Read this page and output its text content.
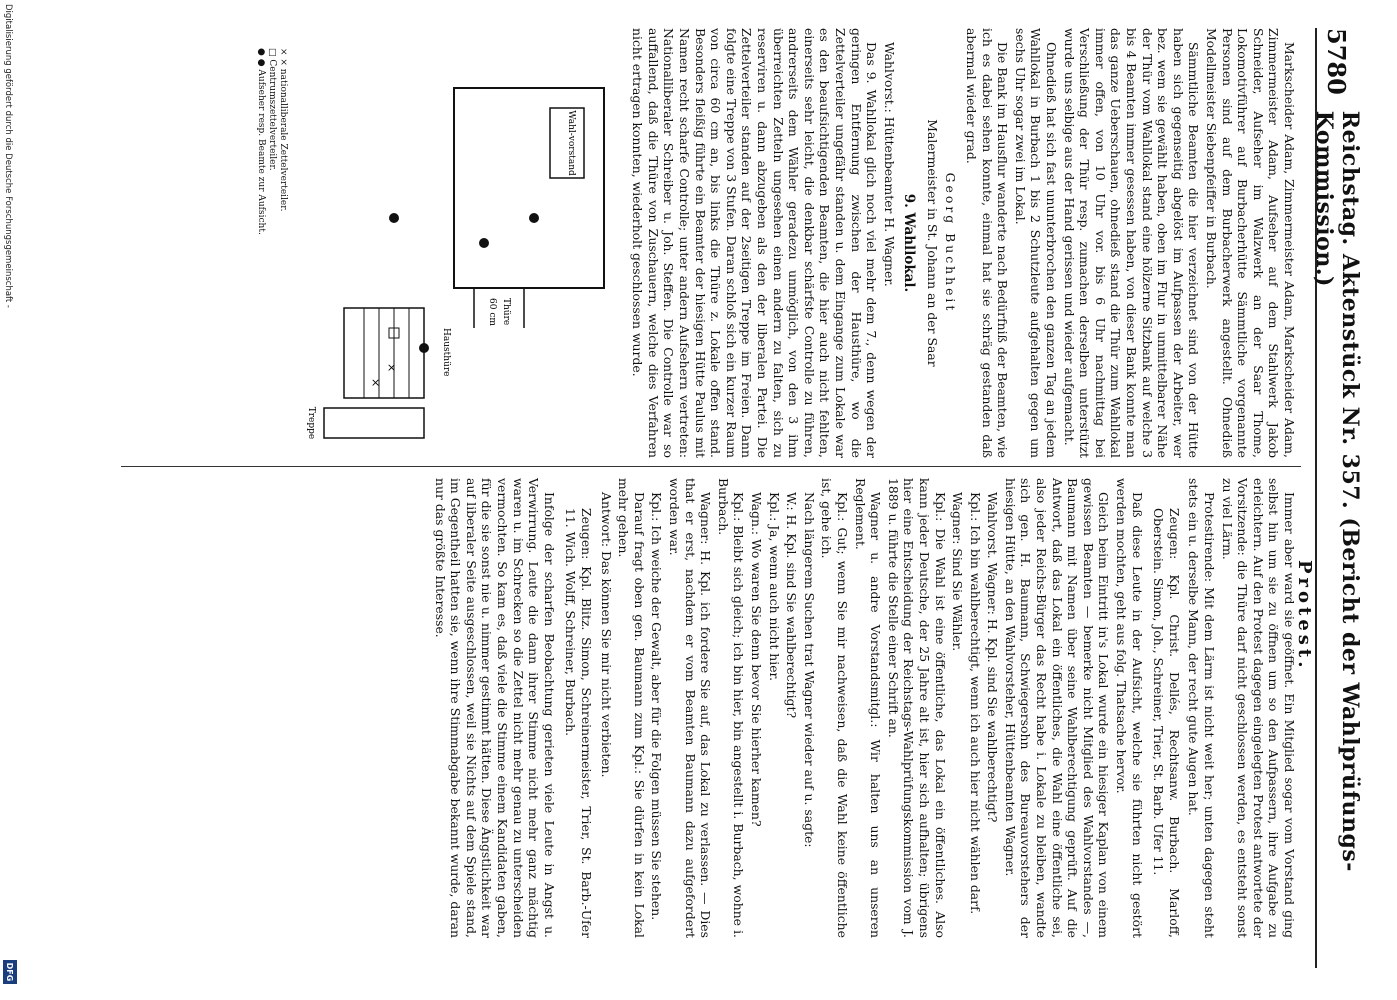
5780
Reichstag. Aktenstück Nr. 357. (Bericht der Wahlprüfungs-Kommission.)
Protest.

Markscheider Adam, Zimmermeister Adam, Markscheider Adam, Zimmermeister Adam, Aufseher auf dem Stahlwerk Jakob Schneider, Aufseher im Walzwerk an der Saar Thome, Lokomotivführer auf Burbacherhütte Sämmtliche vorgenannte Personen sind auf dem Burbacherwerk angestellt. Ohnedieß Modellmeister Siebenpfeiffer in Burbach.

Sämmtliche Beamten die hier verzeichnet sind von der Hütte haben sich gegenseitig abgelöst im Aufpassen der Arbeiter, wer bez. wem sie gewählt haben, oben im Flur in unmittelbarer Nähe der Thür vom Wahllokal stand eine hölzerne Sitzbank auf welche 3 bis 4 Beamten immer gesessen haben, von dieser Bank konnte man das ganze Ueberschauen, ohnedieß stand die Thür zum Wahllokal immer offen, von 10 Uhr vor. bis 6 Uhr nachmittag bei Verschließung der Thür resp. zumachen derselben unterstützt wurde uns selbige aus der Hand gerissen und wieder aufgemacht.

Ohnedieß hat sich fast ununterbrochen den ganzen Tag an jedem Wahllokal in Burbach 1 bis 2 Schutzleute aufgehalten gegen um sechs Uhr sogar zwei im Lokal.

Die Bank im Hausflur wanderte nach Bedürfniß der Beamten, wie ich es dabei sehen konnte, einmal hat sie schräg gestanden daß abermal wieder grad.

Georg Buchheit

Malermeister in St. Johann an der Saar

9. Wahllokal.

Wahlvorst.: Hüttenbeamter H. Wagner.

Das 9. Wahllokal glich noch viel mehr dem 7., denn wegen der geringen Entfernung zwischen der Hausthüre, wo die Zettelverteiler ungefähr standen u. dem Eingange zum Lokale war es den beaufsichtigenden Beamten, die hier auch nicht fehlten, einerseits sehr leicht, die denkbar schärfste Controlle zu führen, andrerseits dem Wähler geradezu unmöglich, von den 3 ihm überreichten Zetteln ungesehen einen andern zu falten, sich zu reserviren u. dann abzugeben als den der liberalen Partei. Die Zettelverteiler standen auf der 2seitigen Treppe im Freien. Dann folgte eine Treppe von 3 Stufen. Daran schloß sich ein kurzer Raum von circa 60 cm an, bis links die Thüre z. Lokale offen stand. Besonders fleißig führte ein Beamter der hiesigen Hütte Paulus mit Namen recht scharfe Controlle; unter andern Aufsehern vertreten: Nationalliberaler Schreiber u. Joh. Steffen. Die Controlle war so auffallend, daß die Thüre von Zuschauern, welche dies Verfahren nicht ertragen konnten, wiederholt geschlossen wurde.

Wahl-vorstand
Thüre
60 cm
Hausthüre
×
×
Treppe
× × nationalliberale Zettelverteiler.
□ Centrumszettelverteiler.
● ● Aufseher resp. Beamte zur Aufsicht.

Immer aber ward sie geöffnet. Ein Mitglied sogar vom Vorstand ging selbst hin um sie zu öffnen um so den Aufpassern, ihre Aufgabe zu erleichtern. Auf den Protest dagegen eingelegten Protest antwortete der Vorsitzende: die Thüre darf nicht geschlossen werden, es entsteht sonst zu viel Lärm.

Protestirende: Mit dem Lärm ist nicht weit her; unten dagegen steht stets ein u. derselbe Mann, der recht gute Augen hat.

Zeugen: Kpl. Christ. Dellés, Rechtsanw. Burbach. Marloff, Oberstein. Simon, Joh., Schreiner, Trier, St. Barb. Ufer 11.

Daß diese Leute in der Aufsicht, welche sie führten nicht gestört werden mochten, geht aus folg. Thatsache hervor.

Gleich beim Eintritt in's Lokal wurde ein hiesiger Kaplan von einem gewissen Beamten — bemerke nicht Mitglied des Wahlvorstandes —, Baumann mit Namen über seine Wahlberechtigung geprüft. Auf die Antwort, daß das Lokal ein öffentliches, die Wahl eine öffentliche sei, also jeder Reichs-Bürger das Recht habe i. Lokale zu bleiben, wandte sich gen. H. Baumann, Schwiegersohn des Bureauvorstehers der hiesigen Hütte, an den Wahlvorsteher, Hüttenbeamten Wagner.

Wahlvorst. Wagner: H. Kpl. sind Sie wahlberechtigt?

Kpl.: Ich bin wahlberechtigt, wenn ich auch hier nicht wählen darf.

Wagner: Sind Sie Wähler.

Kpl.: Die Wahl ist eine öffentliche, das Lokal ein öffentliches. Also kann jeder Deutsche, der 25 Jahre alt ist, hier sich aufhalten; übrigens hier eine Entscheidung der Reichstags-Wahlprüfungskommission vom J. 1889 u. führte die Stelle einer Schrift an.

Wagner u. andre Vorstandsmitgl.: Wir halten uns an unseren Reglement.

Kpl.: Gut; wenn Sie mir nachweisen, daß die Wahl keine öffentliche ist, gehe ich.

Nach längerem Suchen trat Wagner wieder auf u. sagte:

W.: H. Kpl. sind Sie wahlberechtigt?

Kpl.: Ja, wenn auch nicht hier.

Wagn.: Wo waren Sie denn bevor Sie hierher kamen?

Kpl.: Bleibt sich gleich; ich bin hier, bin angestellt i. Burbach, wohne i. Burbach.

Wagner: H. Kpl. ich fordere Sie auf, das Lokal zu verlassen. — Dies that er erst, nachdem er vom Beamten Baumann dazu aufgefordert worden war.

Kpl.: Ich weiche der Gewalt, aber für die Folgen müssen Sie stehen.

Darauf fragt oben gen. Baumann zum Kpl.: Sie dürfen in kein Lokal mehr gehen.

Antwort: Das können Sie mir nicht verbieten.

Zeugen: Kpl. Blitz. Simon, Schreinermeister, Trier, St. Barb.-Ufer 11. Wich. Wolff, Schreiner, Burbach.

Infolge der scharfen Beobachtung gerieten viele Leute in Angst u. Verwirrung. Leute die dann ihrer Stimme nicht mehr ganz mächtig waren u. im Schrecken so die Zettel nicht mehr genau zu unterscheiden vermochten. So kam es, daß viele die Stimme einem Kandidaten gaben, für die sie sonst nie u. nimmer gestimmt hätten. Diese Ängstlichkeit war auf liberaler Seite ausgeschlossen, weil sie Nichts auf dem Spiele stand, im Gegentheil hatten sie, wenn ihre Stimmabgabe bekannt wurde, daran nur das größte Interesse.

Digitalisierung gefördert durch die Deutsche Forschungsgemeinschaft -
DFG
